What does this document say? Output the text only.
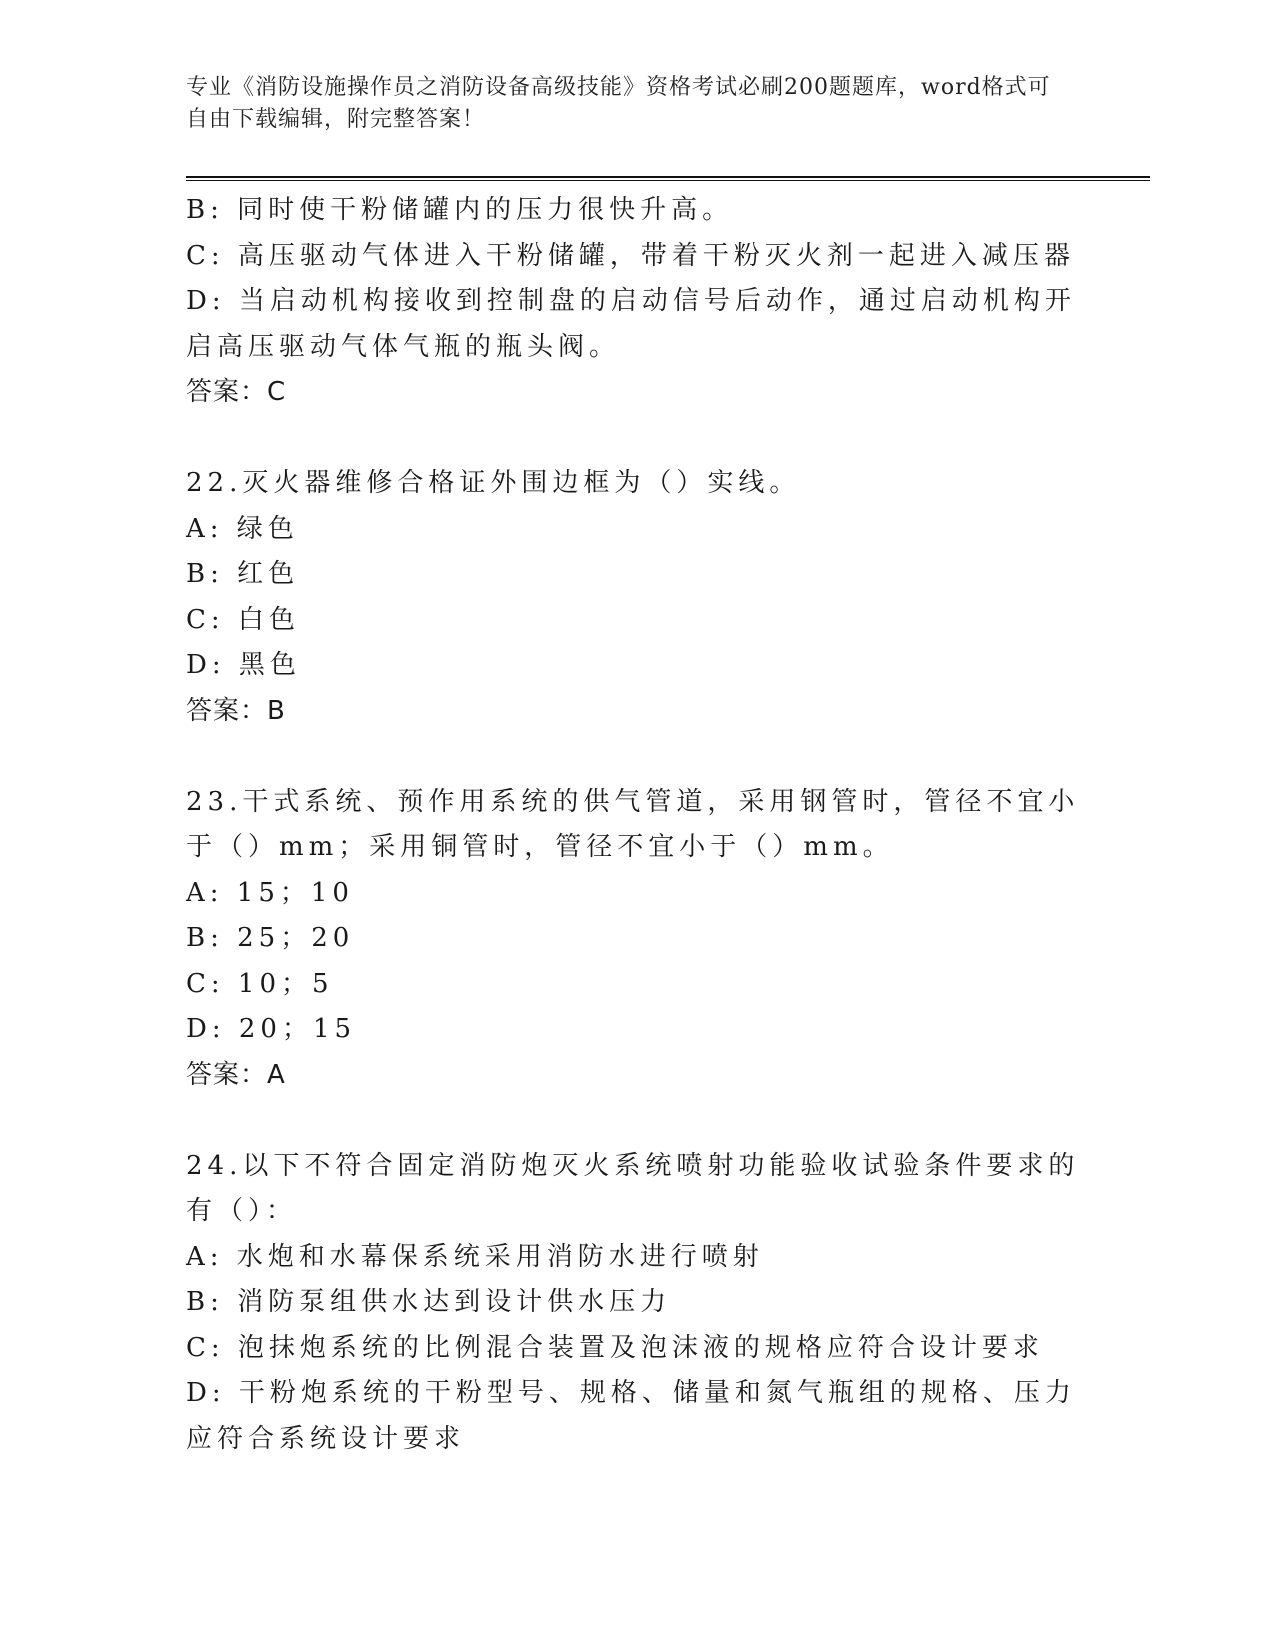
专业《消防设施操作员之消防设备高级技能》资格考试必刷200题题库，word格式可自由下载编辑，附完整答案！
B: 同时使干粉储罐内的压力很快升高。
C: 高压驱动气体进入干粉储罐，带着干粉灭火剂一起进入减压器
D: 当启动机构接收到控制盘的启动信号后动作，通过启动机构开启高压驱动气体气瓶的瓶头阀。
答案：C
22.灭火器维修合格证外围边框为（）实线。
A: 绿色
B: 红色
C: 白色
D: 黑色
答案：B
23.干式系统、预作用系统的供气管道，采用钢管时，管径不宜小于（）mm；采用铜管时，管径不宜小于（）mm。
A: 15；10
B: 25；20
C: 10；5
D: 20；15
答案：A
24.以下不符合固定消防炮灭火系统喷射功能验收试验条件要求的有（）：
A: 水炮和水幕保系统采用消防水进行喷射
B: 消防泵组供水达到设计供水压力
C: 泡抹炮系统的比例混合装置及泡沫液的规格应符合设计要求
D: 干粉炮系统的干粉型号、规格、储量和氮气瓶组的规格、压力应符合系统设计要求
